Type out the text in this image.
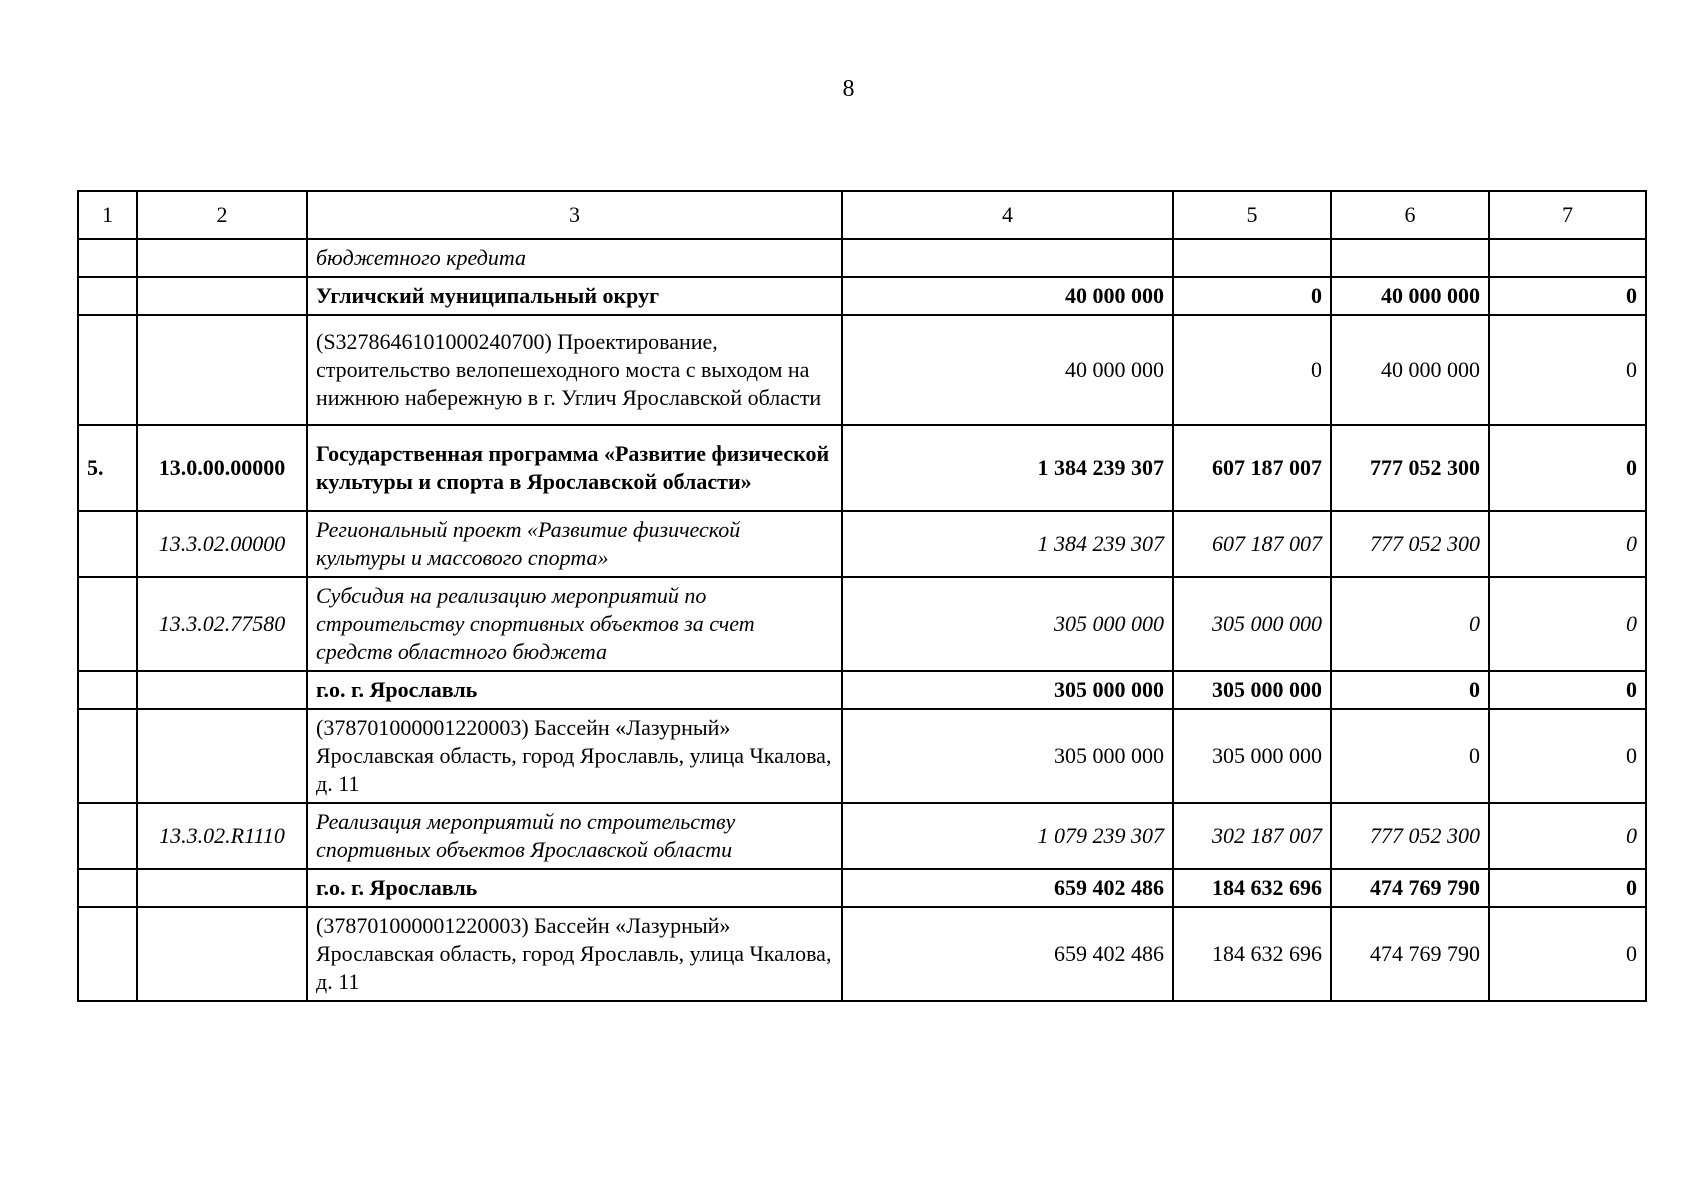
8
1	2	3	4	5	6	7
		бюджетного кредита				
		Угличский муниципальный округ	40 000 000	0	40 000 000	0
		(S3278646101000240700) Проектирование, строительство велопешеходного моста с выходом на нижнюю набережную в г. Углич Ярославской области	40 000 000	0	40 000 000	0
5.	13.0.00.00000	Государственная программа «Развитие физической культуры и спорта в Ярославской области»	1 384 239 307	607 187 007	777 052 300	0
	13.3.02.00000	Региональный проект «Развитие физической культуры и массового спорта»	1 384 239 307	607 187 007	777 052 300	0
	13.3.02.77580	Субсидия на реализацию мероприятий по строительству спортивных объектов за счет средств областного бюджета	305 000 000	305 000 000	0	0
		г.о. г. Ярославль	305 000 000	305 000 000	0	0
		(378701000001220003) Бассейн «Лазурный» Ярославская область, город Ярославль, улица Чкалова, д. 11	305 000 000	305 000 000	0	0
	13.3.02.R1110	Реализация мероприятий по строительству спортивных объектов Ярославской области	1 079 239 307	302 187 007	777 052 300	0
		г.о. г. Ярославль	659 402 486	184 632 696	474 769 790	0
		(378701000001220003) Бассейн «Лазурный» Ярославская область, город Ярославль, улица Чкалова, д. 11	659 402 486	184 632 696	474 769 790	0
